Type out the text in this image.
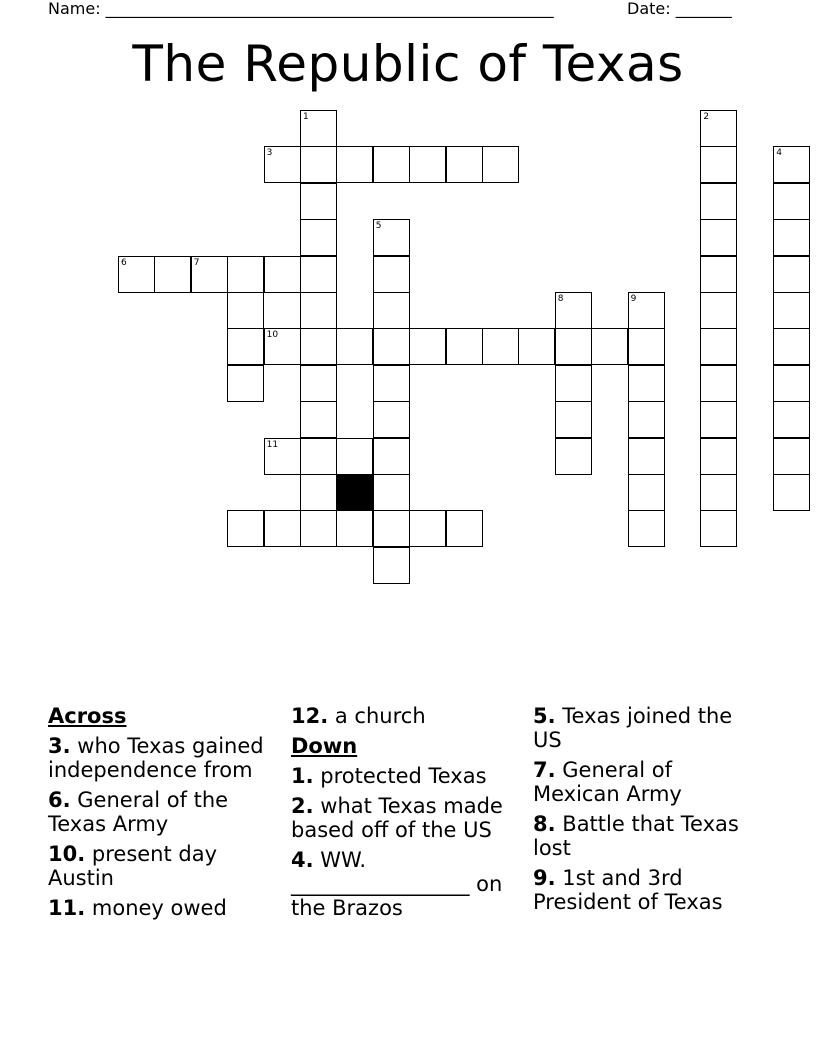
Name: ________________________________________________________	Date: _______
The Republic of Texas
1	2
3	4
5
7
8	9
10
11
6
Across
3. who Texas gained independence from
6. General of the Texas Army
10. present day Austin
11. money owed
12. a church
Down
1. protected Texas
2. what Texas made based off of the US
4. WW. _________________ on the Brazos
5. Texas joined the US
7. General of Mexican Army
8. Battle that Texas lost
9. 1st and 3rd President of Texas
